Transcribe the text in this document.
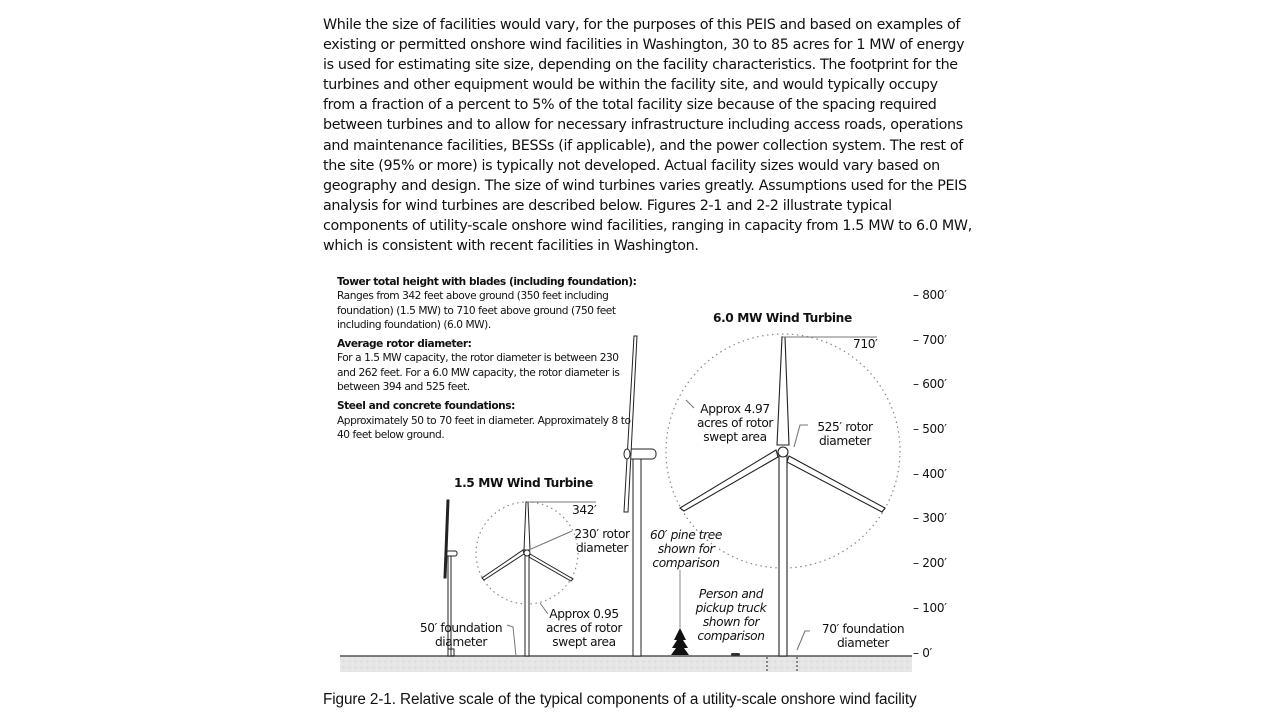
While the size of facilities would vary, for the purposes of this PEIS and based on examples of existing or permitted onshore wind facilities in Washington, 30 to 85 acres for 1 MW of energy is used for estimating site size, depending on the facility characteristics. The footprint for the turbines and other equipment would be within the facility site, and would typically occupy from a fraction of a percent to 5% of the total facility size because of the spacing required between turbines and to allow for necessary infrastructure including access roads, operations and maintenance facilities, BESSs (if applicable), and the power collection system. The rest of the site (95% or more) is typically not developed. Actual facility sizes would vary based on geography and design. The size of wind turbines varies greatly. Assumptions used for the PEIS analysis for wind turbines are described below. Figures 2-1 and 2-2 illustrate typical components of utility-scale onshore wind facilities, ranging in capacity from 1.5 MW to 6.0 MW, which is consistent with recent facilities in Washington.

Tower total height with blades (including foundation):
Ranges from 342 feet above ground (350 feet including foundation) (1.5 MW) to 710 feet above ground (750 feet including foundation) (6.0 MW).
Average rotor diameter:
For a 1.5 MW capacity, the rotor diameter is between 230 and 262 feet. For a 6.0 MW capacity, the rotor diameter is between 394 and 525 feet.
Steel and concrete foundations:
Approximately 50 to 70 feet in diameter. Approximately 8 to 40 feet below ground.
6.0 MW Wind Turbine
710′
Approx 4.97
acres of rotor
swept area
525′ rotor
diameter
70′ foundation
diameter
1.5 MW Wind Turbine
342′
230′ rotor
diameter
Approx 0.95
acres of rotor
swept area
50′ foundation
diameter
60′ pine tree
shown for
comparison
Person and
pickup truck
shown for
comparison
– 800′
– 700′
– 600′
– 500′
– 400′
– 300′
– 200′
– 100′
– 0′
Figure 2-1. Relative scale of the typical components of a utility-scale onshore wind facility
